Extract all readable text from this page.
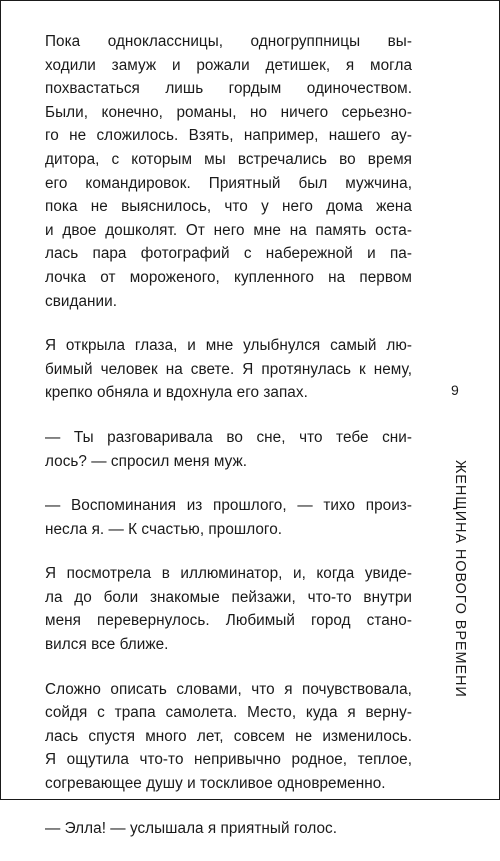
Пока одноклассницы, одногруппницы вы-
ходили замуж и рожали детишек, я могла
похвастаться лишь гордым одиночеством.
Были, конечно, романы, но ничего серьезно-
го не сложилось. Взять, например, нашего ау-
дитора, с которым мы встречались во время
его командировок. Приятный был мужчина,
пока не выяснилось, что у него дома жена
и двое дошколят. От него мне на память оста-
лась пара фотографий с набережной и па-
лочка от мороженого, купленного на первом
свидании.

Я открыла глаза, и мне улыбнулся самый лю-
бимый человек на свете. Я протянулась к нему,
крепко обняла и вдохнула его запах.

— Ты разговаривала во сне, что тебе сни-
лось? — спросил меня муж.

— Воспоминания из прошлого, — тихо произ-
несла я. — К счастью, прошлого.

Я посмотрела в иллюминатор, и, когда увиде-
ла до боли знакомые пейзажи, что-то внутри
меня перевернулось. Любимый город стано-
вился все ближе.

Сложно описать словами, что я почувствовала,
сойдя с трапа самолета. Место, куда я верну-
лась спустя много лет, совсем не изменилось.
Я ощутила что-то непривычно родное, теплое,
согревающее душу и тоскливое одновременно.

— Элла! — услышала я приятный голос.

9
ЖЕНЩИНА НОВОГО ВРЕМЕНИ
